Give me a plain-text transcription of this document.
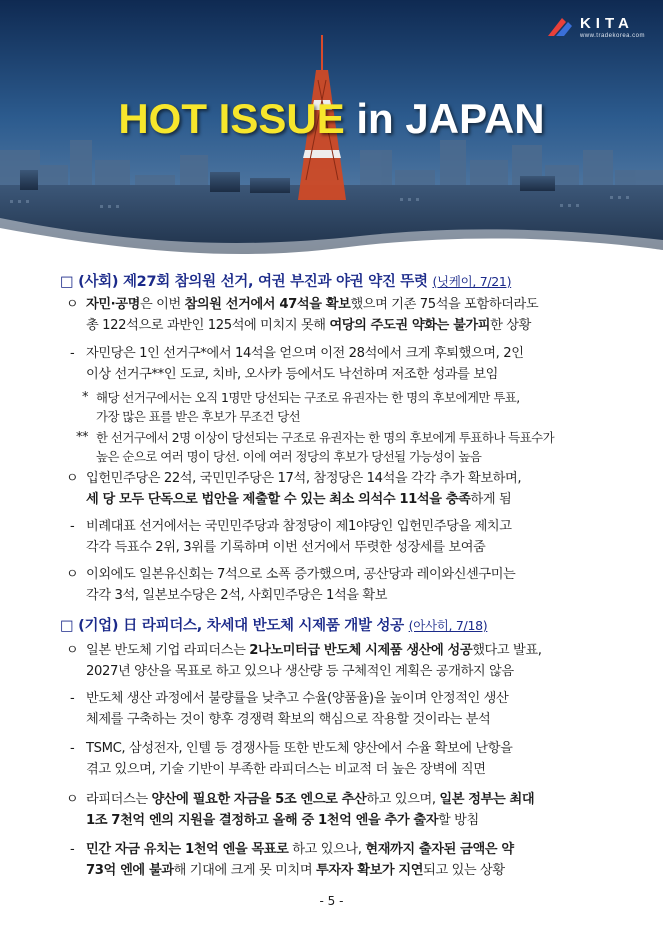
KITA
www.tradekorea.com
HOT ISSUE in JAPAN
□ (사회) 제27회 참의원 선거, 여권 부진과 야권 약진 뚜렷 (닛케이, 7/21)
ㅇ 자민·공명은 이번 참의원 선거에서 47석을 확보했으며 기존 75석을 포함하더라도

총 122석으로 과반인 125석에 미치지 못해 여당의 주도권 약화는 불가피한 상황

- 자민당은 1인 선거구*에서 14석을 얻으며 이전 28석에서 크게 후퇴했으며, 2인

이상 선거구**인 도쿄, 치바, 오사카 등에서도 낙선하며 저조한 성과를 보임

* 해당 선거구에서는 오직 1명만 당선되는 구조로 유권자는 한 명의 후보에게만 투표,

가장 많은 표를 받은 후보가 무조건 당선

** 한 선거구에서 2명 이상이 당선되는 구조로 유권자는 한 명의 후보에게 투표하나 득표수가

높은 순으로 여러 명이 당선. 이에 여러 정당의 후보가 당선될 가능성이 높음

ㅇ 입헌민주당은 22석, 국민민주당은 17석, 참정당은 14석을 각각 추가 확보하며,

세 당 모두 단독으로 법안을 제출할 수 있는 최소 의석수 11석을 충족하게 됨

- 비례대표 선거에서는 국민민주당과 참정당이 제1야당인 입헌민주당을 제치고

각각 득표수 2위, 3위를 기록하며 이번 선거에서 뚜렷한 성장세를 보여줌

ㅇ 이외에도 일본유신회는 7석으로 소폭 증가했으며, 공산당과 레이와신센구미는

각각 3석, 일본보수당은 2석, 사회민주당은 1석을 확보

□ (기업) 日 라피더스, 차세대 반도체 시제품 개발 성공 (아사히, 7/18)
ㅇ 일본 반도체 기업 라피더스는 2나노미터급 반도체 시제품 생산에 성공했다고 발표,

2027년 양산을 목표로 하고 있으나 생산량 등 구체적인 계획은 공개하지 않음

- 반도체 생산 과정에서 불량률을 낮추고 수율(양품율)을 높이며 안정적인 생산

체제를 구축하는 것이 향후 경쟁력 확보의 핵심으로 작용할 것이라는 분석

- TSMC, 삼성전자, 인텔 등 경쟁사들 또한 반도체 양산에서 수율 확보에 난항을

겪고 있으며, 기술 기반이 부족한 라피더스는 비교적 더 높은 장벽에 직면

ㅇ 라피더스는 양산에 필요한 자금을 5조 엔으로 추산하고 있으며, 일본 정부는 최대

1조 7천억 엔의 지원을 결정하고 올해 중 1천억 엔을 추가 출자할 방침

- 민간 자금 유치는 1천억 엔을 목표로 하고 있으나, 현재까지 출자된 금액은 약

73억 엔에 불과해 기대에 크게 못 미치며 투자자 확보가 지연되고 있는 상황

- 5 -
